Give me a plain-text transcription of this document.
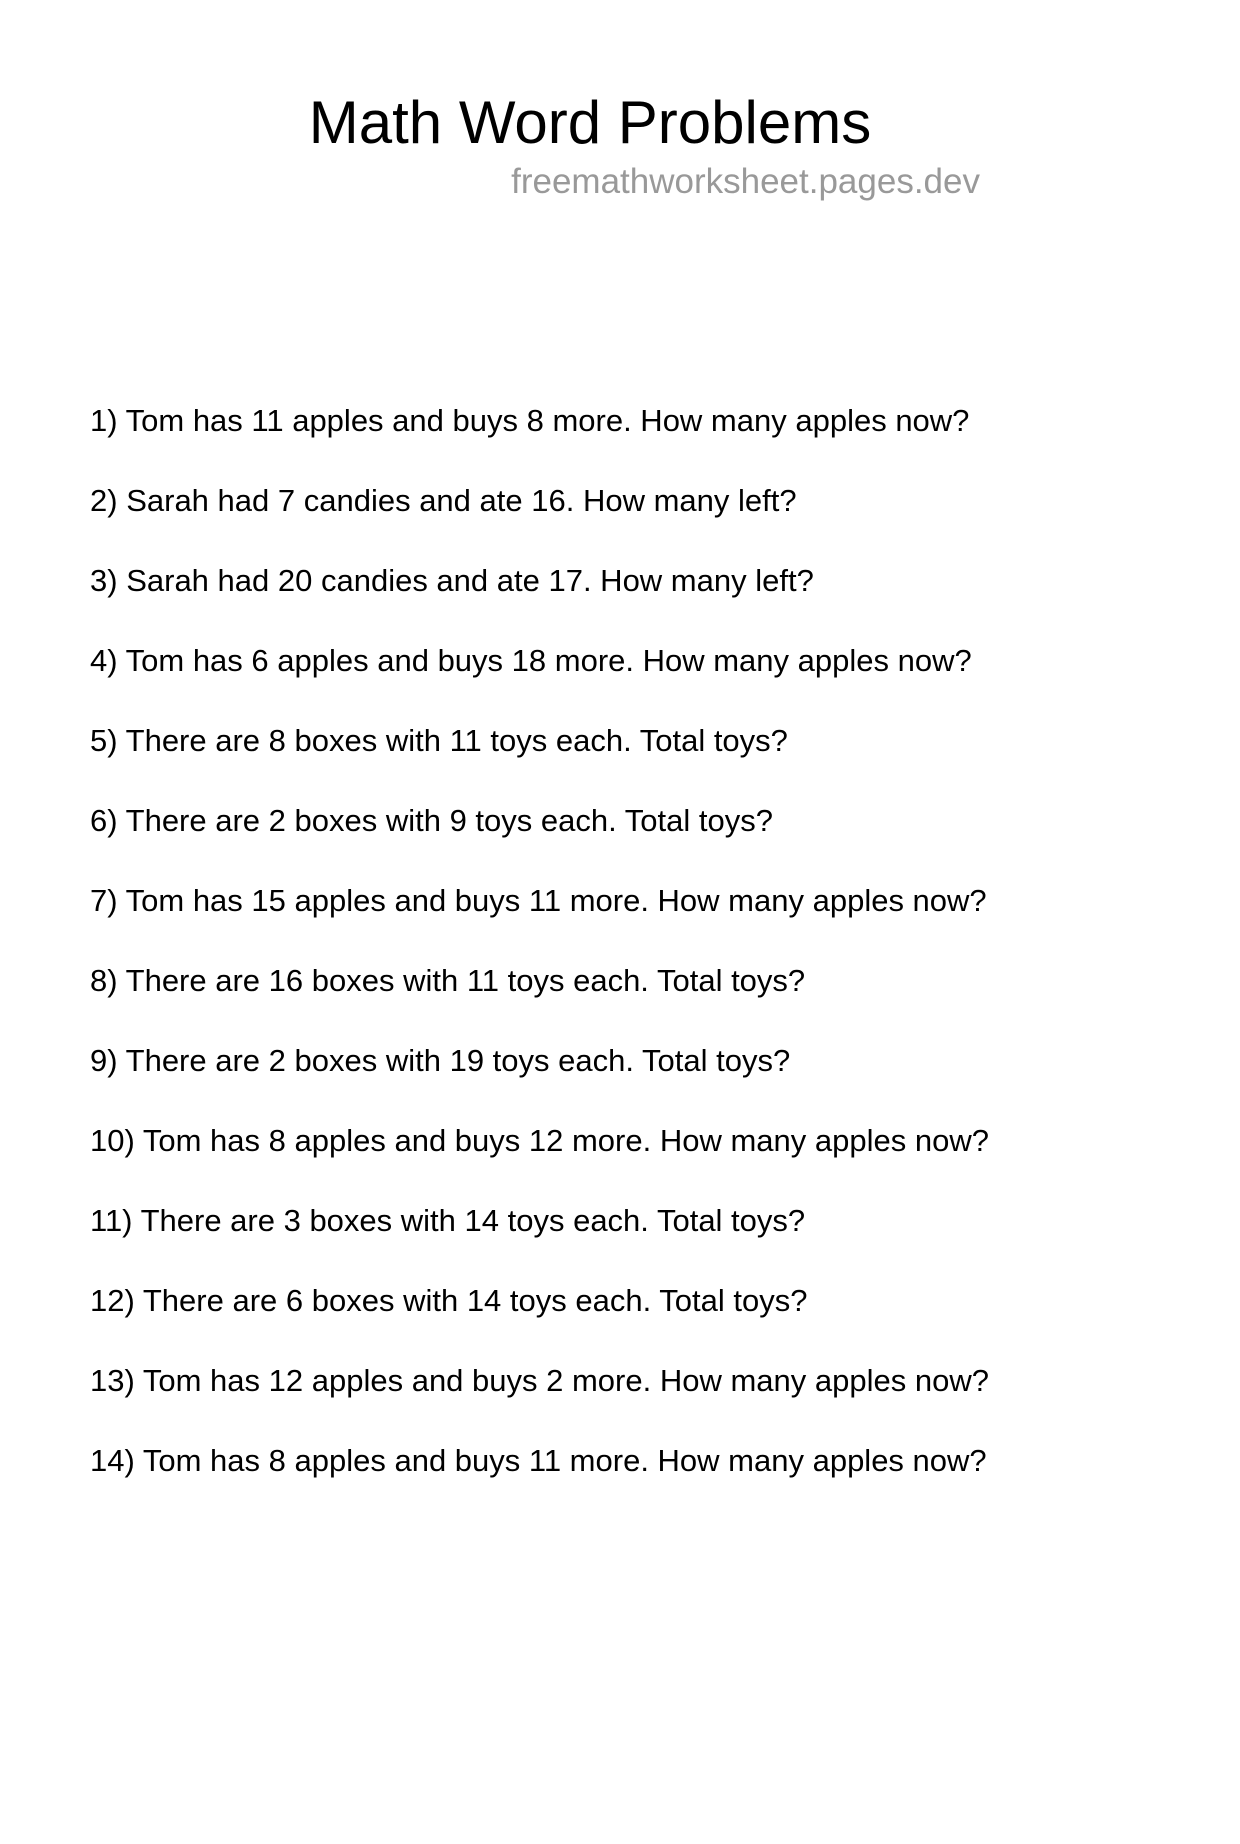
Math Word Problems
freemathworksheet.pages.dev
1) Tom has 11 apples and buys 8 more. How many apples now?
2) Sarah had 7 candies and ate 16. How many left?
3) Sarah had 20 candies and ate 17. How many left?
4) Tom has 6 apples and buys 18 more. How many apples now?
5) There are 8 boxes with 11 toys each. Total toys?
6) There are 2 boxes with 9 toys each. Total toys?
7) Tom has 15 apples and buys 11 more. How many apples now?
8) There are 16 boxes with 11 toys each. Total toys?
9) There are 2 boxes with 19 toys each. Total toys?
10) Tom has 8 apples and buys 12 more. How many apples now?
11) There are 3 boxes with 14 toys each. Total toys?
12) There are 6 boxes with 14 toys each. Total toys?
13) Tom has 12 apples and buys 2 more. How many apples now?
14) Tom has 8 apples and buys 11 more. How many apples now?
